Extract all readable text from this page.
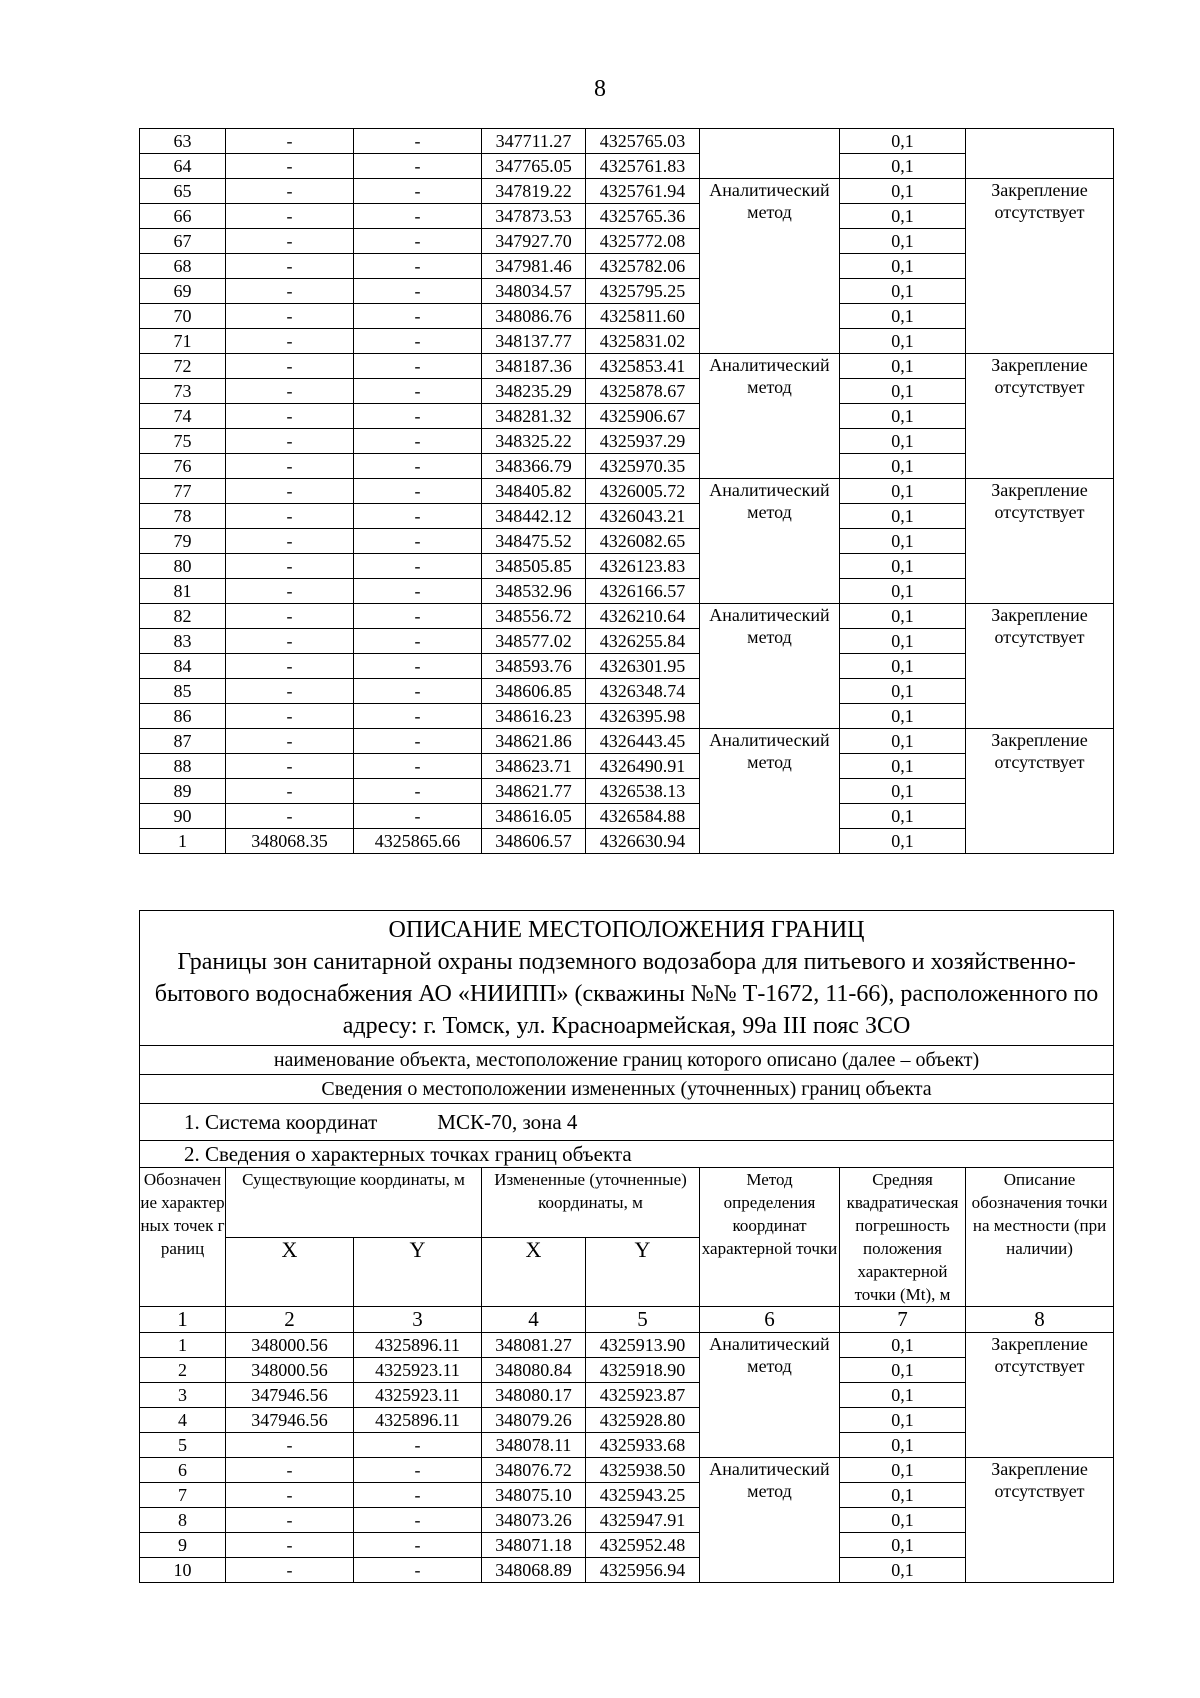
8
63	-	-	347711.27	4325765.03		0,1	
64	-	-	347765.05	4325761.83		0,1	
65	-	-	347819.22	4325761.94	Аналитический метод	0,1	Закрепление отсутствует
66	-	-	347873.53	4325765.36		0,1	
67	-	-	347927.70	4325772.08		0,1	
68	-	-	347981.46	4325782.06		0,1	
69	-	-	348034.57	4325795.25		0,1	
70	-	-	348086.76	4325811.60		0,1	
71	-	-	348137.77	4325831.02		0,1	
72	-	-	348187.36	4325853.41	Аналитический метод	0,1	Закрепление отсутствует
73	-	-	348235.29	4325878.67		0,1	
74	-	-	348281.32	4325906.67		0,1	
75	-	-	348325.22	4325937.29		0,1	
76	-	-	348366.79	4325970.35		0,1	
77	-	-	348405.82	4326005.72	Аналитический метод	0,1	Закрепление отсутствует
78	-	-	348442.12	4326043.21		0,1	
79	-	-	348475.52	4326082.65		0,1	
80	-	-	348505.85	4326123.83		0,1	
81	-	-	348532.96	4326166.57		0,1	
82	-	-	348556.72	4326210.64	Аналитический метод	0,1	Закрепление отсутствует
83	-	-	348577.02	4326255.84		0,1	
84	-	-	348593.76	4326301.95		0,1	
85	-	-	348606.85	4326348.74		0,1	
86	-	-	348616.23	4326395.98		0,1	
87	-	-	348621.86	4326443.45	Аналитический метод	0,1	Закрепление отсутствует
88	-	-	348623.71	4326490.91		0,1	
89	-	-	348621.77	4326538.13		0,1	
90	-	-	348616.05	4326584.88		0,1	
1	348068.35	4325865.66	348606.57	4326630.94		0,1	
ОПИСАНИЕ МЕСТОПОЛОЖЕНИЯ ГРАНИЦ
Границы зон санитарной охраны подземного водозабора для питьевого и хозяйственно-бытового водоснабжения АО «НИИПП» (скважины №№ Т-1672, 11-66), расположенного по адресу: г. Томск, ул. Красноармейская, 99а III пояс ЗСО							
наименование объекта, местоположение границ которого описано (далее – объект)							
Сведения о местоположении измененных (уточненных) границ объекта							
1. Система координат МСК-70, зона 4							
2. Сведения о характерных точках границ объекта							
Обозначение характерных точек границ	Существующие координаты, м		Измененные (уточненные) координаты, м		Метод определения координат характерной точки	Средняя квадратическая погрешность положения характерной точки (Mt), м	Описание обозначения точки на местности (при наличии)
	X	Y	X	Y			
1	2	3	4	5	6	7	8
1	348000.56	4325896.11	348081.27	4325913.90	Аналитический метод	0,1	Закрепление отсутствует
2	348000.56	4325923.11	348080.84	4325918.90		0,1	
3	347946.56	4325923.11	348080.17	4325923.87		0,1	
4	347946.56	4325896.11	348079.26	4325928.80		0,1	
5	-	-	348078.11	4325933.68		0,1	
6	-	-	348076.72	4325938.50	Аналитический метод	0,1	Закрепление отсутствует
7	-	-	348075.10	4325943.25		0,1	
8	-	-	348073.26	4325947.91		0,1	
9	-	-	348071.18	4325952.48		0,1	
10	-	-	348068.89	4325956.94		0,1	
